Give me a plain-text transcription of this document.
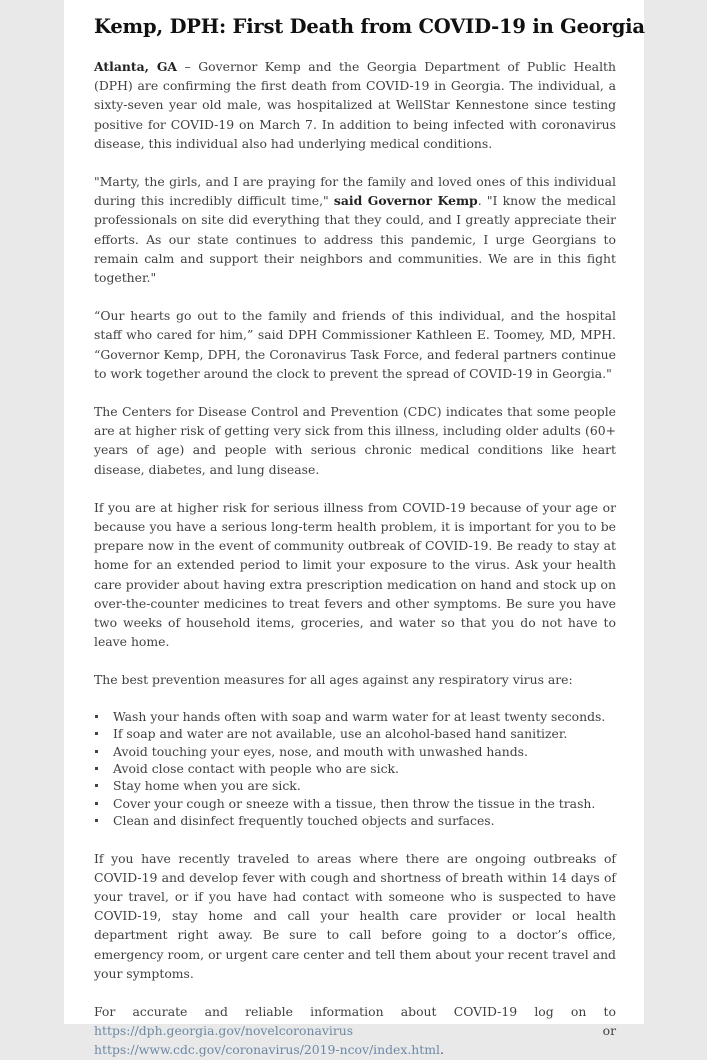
Kemp, DPH: First Death from COVID-19 in Georgia

Atlanta, GA – Governor Kemp and the Georgia Department of Public Health (DPH) are confirming the first death from COVID-19 in Georgia. The individual, a sixty-seven year old male, was hospitalized at WellStar Kennestone since testing positive for COVID-19 on March 7. In addition to being infected with coronavirus disease, this individual also had underlying medical conditions.

"Marty, the girls, and I are praying for the family and loved ones of this individual during this incredibly difficult time," said Governor Kemp. "I know the medical professionals on site did everything that they could, and I greatly appreciate their efforts. As our state continues to address this pandemic, I urge Georgians to remain calm and support their neighbors and communities. We are in this fight together."

“Our hearts go out to the family and friends of this individual, and the hospital staff who cared for him,” said DPH Commissioner Kathleen E. Toomey, MD, MPH. “Governor Kemp, DPH, the Coronavirus Task Force, and federal partners continue to work together around the clock to prevent the spread of COVID-19 in Georgia."

The Centers for Disease Control and Prevention (CDC) indicates that some people are at higher risk of getting very sick from this illness, including older adults (60+ years of age) and people with serious chronic medical conditions like heart disease, diabetes, and lung disease.

If you are at higher risk for serious illness from COVID-19 because of your age or because you have a serious long-term health problem, it is important for you to be prepare now in the event of community outbreak of COVID-19. Be ready to stay at home for an extended period to limit your exposure to the virus. Ask your health care provider about having extra prescription medication on hand and stock up on over-the-counter medicines to treat fevers and other symptoms. Be sure you have two weeks of household items, groceries, and water so that you do not have to leave home.

The best prevention measures for all ages against any respiratory virus are:

Wash your hands often with soap and warm water for at least twenty seconds.
If soap and water are not available, use an alcohol-based hand sanitizer.
Avoid touching your eyes, nose, and mouth with unwashed hands.
Avoid close contact with people who are sick.
Stay home when you are sick.
Cover your cough or sneeze with a tissue, then throw the tissue in the trash.
Clean and disinfect frequently touched objects and surfaces.

If you have recently traveled to areas where there are ongoing outbreaks of COVID-19 and develop fever with cough and shortness of breath within 14 days of your travel, or if you have had contact with someone who is suspected to have COVID-19, stay home and call your health care provider or local health department right away. Be sure to call before going to a doctor’s office, emergency room, or urgent care center and tell them about your recent travel and your symptoms.

For accurate and reliable information about COVID-19 log on to https://dph.georgia.gov/novelcoronavirus or https://www.cdc.gov/coronavirus/2019-ncov/index.html.
